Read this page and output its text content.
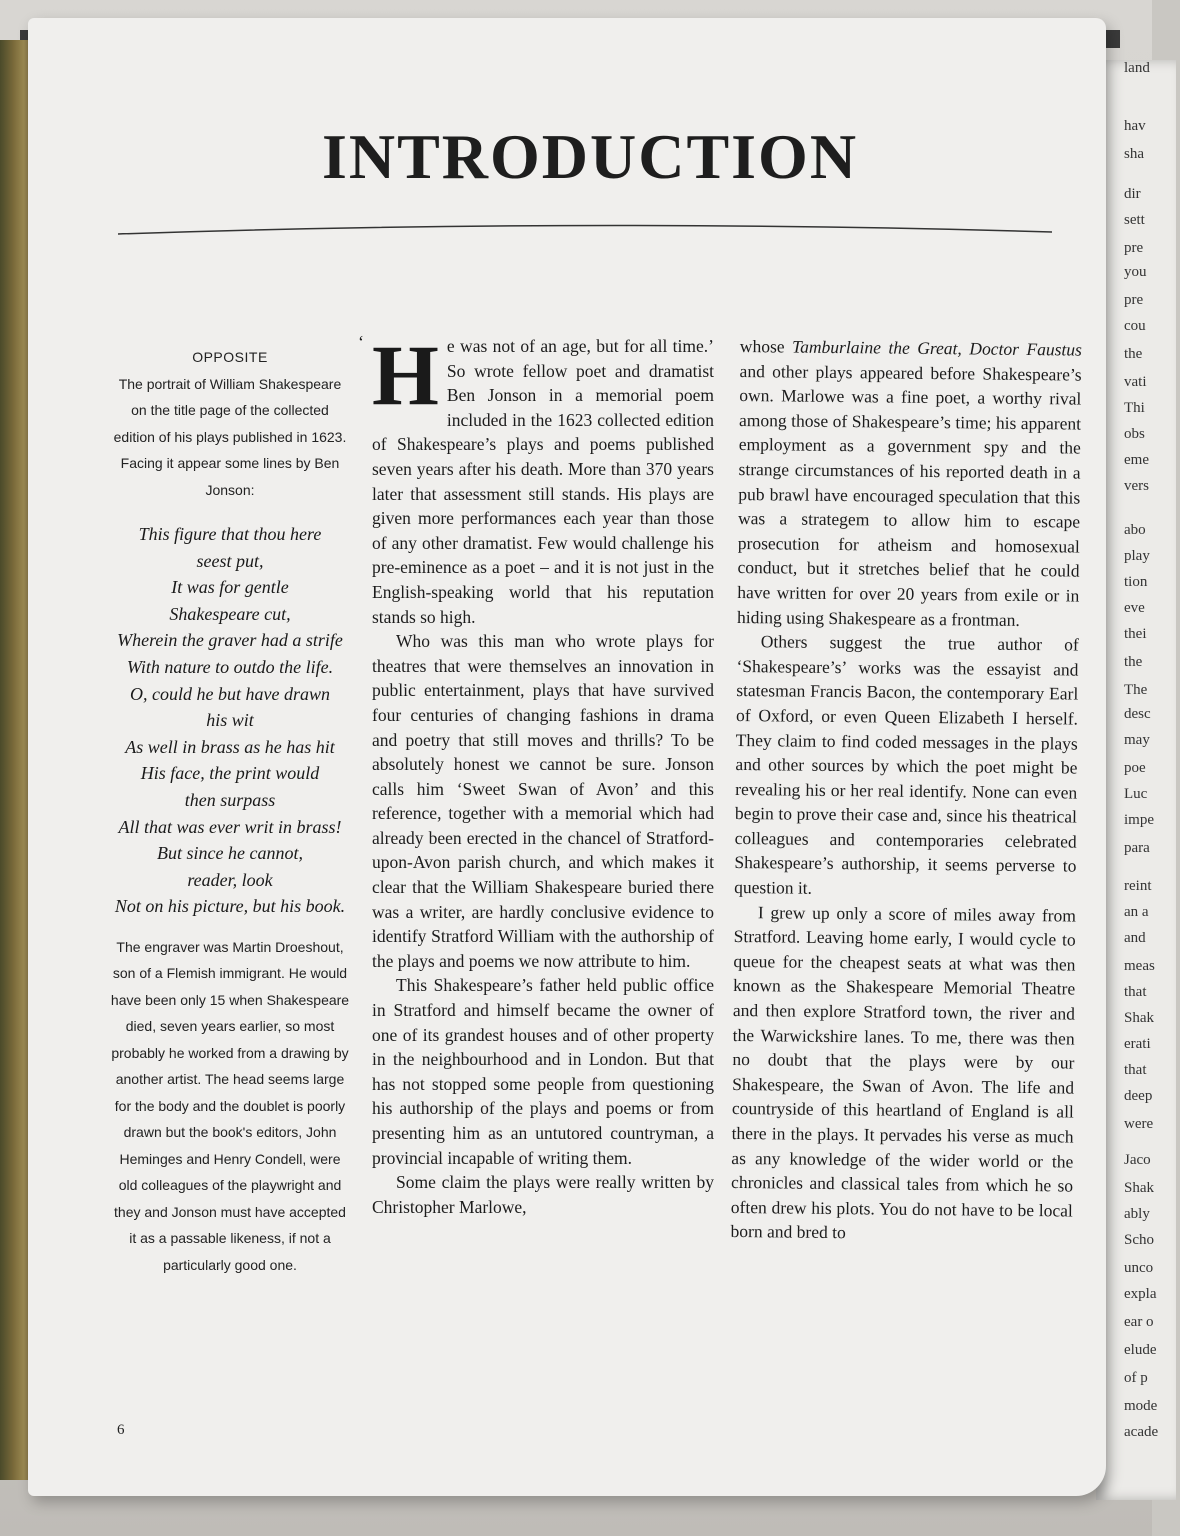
hav
sha
dir
sett
pre
you
pre
cou
the
vati
Thi
obs
eme
vers
abo
play
tion
eve
thei
the
The
desc
may
poe
Luc
impe
para
reint
an a
and
meas
that
Shak
erati
that
deep
were
Jaco
Shak
ably
Scho
unco
expla
ear o
elude
of p
mode
acade
land
INTRODUCTION
OPPOSITE
The portrait of William Shakespeare on the title page of the collected edition of his plays published in 1623. Facing it appear some lines by Ben Jonson:
This figure that thou here
seest put,
It was for gentle
Shakespeare cut,
Wherein the graver had a strife
With nature to outdo the life.
O, could he but have drawn
his wit
As well in brass as he has hit
His face, the print would
then surpass
All that was ever writ in brass!
But since he cannot,
reader, look
Not on his picture, but his book.
The engraver was Martin Droeshout, son of a Flemish immigrant. He would have been only 15 when Shakespeare died, seven years earlier, so most probably he worked from a drawing by another artist. The head seems large for the body and the doublet is poorly drawn but the book's editors, John Heminges and Henry Condell, were old colleagues of the playwright and they and Jonson must have accepted it as a passable likeness, if not a particularly good one.

‘ H e was not of an age, but for all time.’ So wrote fellow poet and dramatist Ben Jonson in a memorial poem included in the 1623 collected edition of Shakespeare’s plays and poems published seven years after his death. More than 370 years later that assessment still stands. His plays are given more performances each year than those of any other dramatist. Few would challenge his pre-eminence as a poet – and it is not just in the English-speaking world that his reputation stands so high.

Who was this man who wrote plays for theatres that were themselves an innovation in public entertainment, plays that have survived four centuries of changing fashions in drama and poetry that still moves and thrills? To be absolutely honest we cannot be sure. Jonson calls him ‘Sweet Swan of Avon’ and this reference, together with a memorial which had already been erected in the chancel of Stratford-upon-Avon parish church, and which makes it clear that the William Shakespeare buried there was a writer, are hardly conclusive evidence to identify Stratford William with the authorship of the plays and poems we now attribute to him.

This Shakespeare’s father held public office in Stratford and himself became the owner of one of its grandest houses and of other property in the neighbourhood and in London. But that has not stopped some people from questioning his authorship of the plays and poems or from presenting him as an untutored countryman, a provincial incapable of writing them.

Some claim the plays were really written by Christopher Marlowe,

whose Tamburlaine the Great, Doctor Faustus and other plays appeared before Shakespeare’s own. Marlowe was a fine poet, a worthy rival among those of Shakespeare’s time; his apparent employment as a government spy and the strange circumstances of his reported death in a pub brawl have encouraged speculation that this was a strategem to allow him to escape prosecution for atheism and homosexual conduct, but it stretches belief that he could have written for over 20 years from exile or in hiding using Shakespeare as a frontman.

Others suggest the true author of ‘Shakespeare’s’ works was the essayist and statesman Francis Bacon, the contemporary Earl of Oxford, or even Queen Elizabeth I herself. They claim to find coded messages in the plays and other sources by which the poet might be revealing his or her real identify. None can even begin to prove their case and, since his theatrical colleagues and contemporaries celebrated Shakespeare’s authorship, it seems perverse to question it.

I grew up only a score of miles away from Stratford. Leaving home early, I would cycle to queue for the cheapest seats at what was then known as the Shakespeare Memorial Theatre and then explore Stratford town, the river and the Warwickshire lanes. To me, there was then no doubt that the plays were by our Shakespeare, the Swan of Avon. The life and countryside of this heartland of England is all there in the plays. It pervades his verse as much as any knowledge of the wider world or the chronicles and classical tales from which he so often drew his plots. You do not have to be local born and bred to

6
